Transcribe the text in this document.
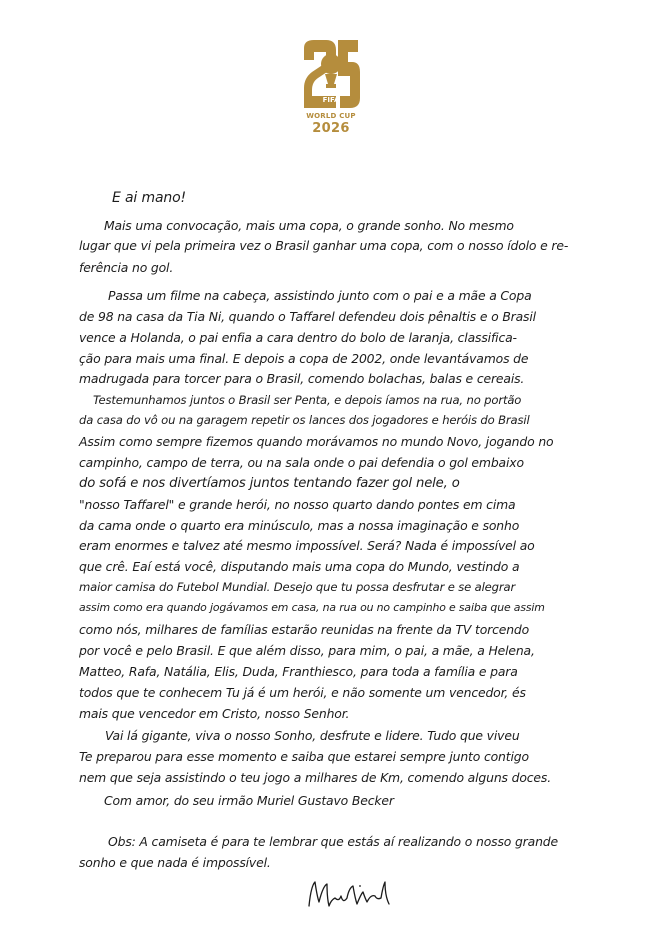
FIFA
WORLD CUP
2026
E ai mano!
Mais uma convocação, mais uma copa, o grande sonho. No mesmo
lugar que vi pela primeira vez o Brasil ganhar uma copa, com o nosso ídolo e re-
ferência no gol.
Passa um filme na cabeça, assistindo junto com o pai e a mãe a Copa
de 98 na casa da Tia Ni, quando o Taffarel defendeu dois pênaltis e o Brasil
vence a Holanda, o pai enfia a cara dentro do bolo de laranja, classifica-
ção para mais uma final. E depois a copa de 2002, onde levantávamos de
madrugada para torcer para o Brasil, comendo bolachas, balas e cereais.
Testemunhamos juntos o Brasil ser Penta, e depois íamos na rua, no portão
da casa do vô ou na garagem repetir os lances dos jogadores e heróis do Brasil
Assim como sempre fizemos quando morávamos no mundo Novo, jogando no
campinho, campo de terra, ou na sala onde o pai defendia o gol embaixo
do sofá e nos divertíamos juntos tentando fazer gol nele, o
"nosso Taffarel" e grande herói, no nosso quarto dando pontes em cima
da cama onde o quarto era minúsculo, mas a nossa imaginação e sonho
eram enormes e talvez até mesmo impossível. Será? Nada é impossível ao
que crê. Eaí está você, disputando mais uma copa do Mundo, vestindo a
maior camisa do Futebol Mundial. Desejo que tu possa desfrutar e se alegrar
assim como era quando jogávamos em casa, na rua ou no campinho e saiba que assim
como nós, milhares de famílias estarão reunidas na frente da TV torcendo
por você e pelo Brasil. E que além disso, para mim, o pai, a mãe, a Helena,
Matteo, Rafa, Natália, Elis, Duda, Franthiesco, para toda a família e para
todos que te conhecem Tu já é um herói, e não somente um vencedor, és
mais que vencedor em Cristo, nosso Senhor.
Vai lá gigante, viva o nosso Sonho, desfrute e lidere. Tudo que viveu
Te preparou para esse momento e saiba que estarei sempre junto contigo
nem que seja assistindo o teu jogo a milhares de Km, comendo alguns doces.
Com amor, do seu irmão Muriel Gustavo Becker
Obs: A camiseta é para te lembrar que estás aí realizando o nosso grande
sonho e que nada é impossível.
